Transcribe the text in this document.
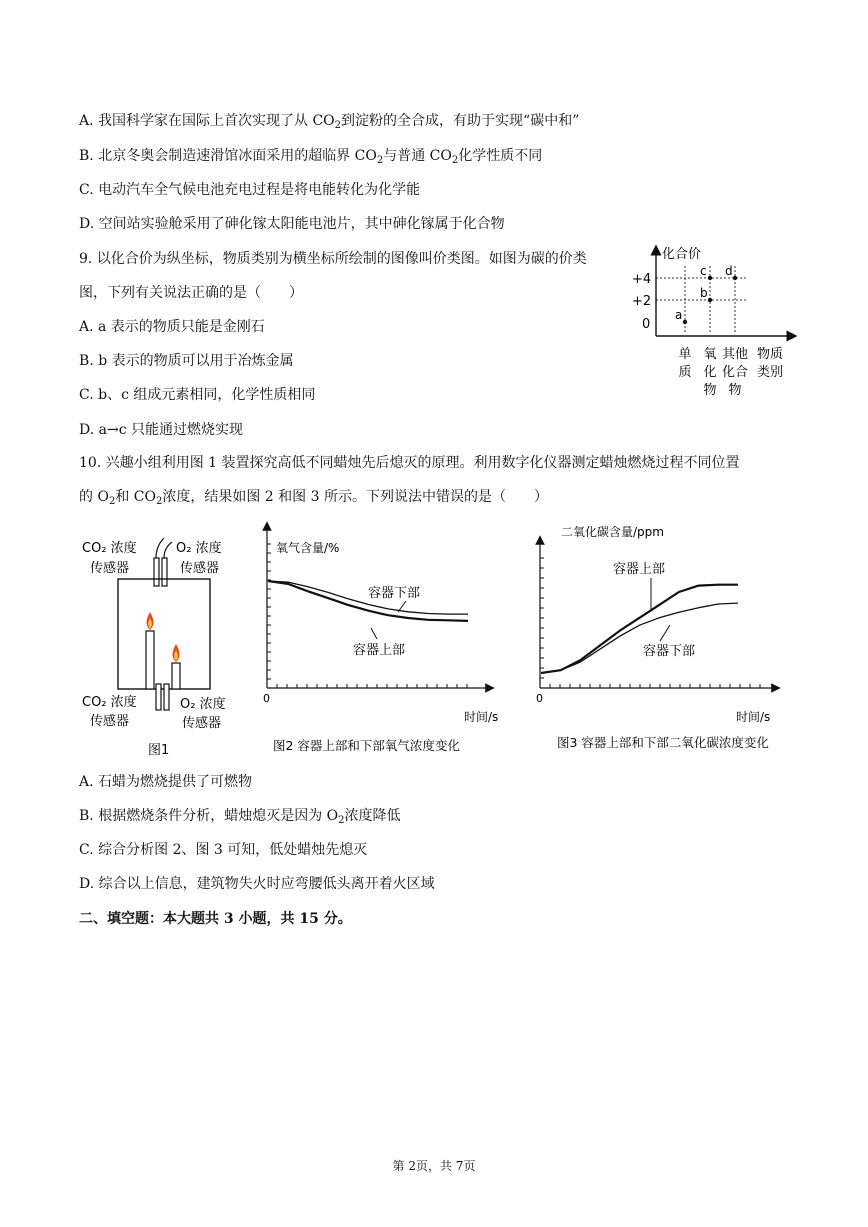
A. 我国科学家在国际上首次实现了从 $CO_2$到淀粉的全合成，有助于实现“碳中和”
B. 北京冬奥会制造速滑馆冰面采用的超临界 $CO_2$与普通 $CO_2$化学性质不同
C. 电动汽车全气候电池充电过程是将电能转化为化学能
D. 空间站实验舱采用了砷化镓太阳能电池片，其中砷化镓属于化合物
9. 以化合价为纵坐标，物质类别为横坐标所绘制的图像叫价类图。如图为碳的价类
图，下列有关说法正确的是（　　）
A. a 表示的物质只能是金刚石
B. b 表示的物质可以用于冶炼金属
C. b、c 组成元素相同，化学性质相同
D. a→c 只能通过燃烧实现
化合价
+4
+2
0
a
b
c d
单
质
氧
化
物
其他
化合
物
物质
类别
10. 兴趣小组利用图 1 装置探究高低不同蜡烛先后熄灭的原理。利用数字化仪器测定蜡烛燃烧过程不同位置
的 $O_2$和 $CO_2$浓度，结果如图 2 和图 3 所示。下列说法中错误的是（　　）
CO₂ 浓度
传感器
O₂ 浓度
传感器
CO₂ 浓度
传感器
O₂ 浓度
传感器
图1
氧气含量/%
0
时间/s
容器下部
容器上部
图2 容器上部和下部氧气浓度变化
二氧化碳含量/ppm
0
时间/s
容器上部
容器下部
图3 容器上部和下部二氧化碳浓度变化
A. 石蜡为燃烧提供了可燃物
B. 根据燃烧条件分析，蜡烛熄灭是因为 $O_2$浓度降低
C. 综合分析图 2、图 3 可知，低处蜡烛先熄灭
D. 综合以上信息，建筑物失火时应弯腰低头离开着火区域
二、填空题：本大题共 3 小题，共 15 分。
第 2页，共 7页
